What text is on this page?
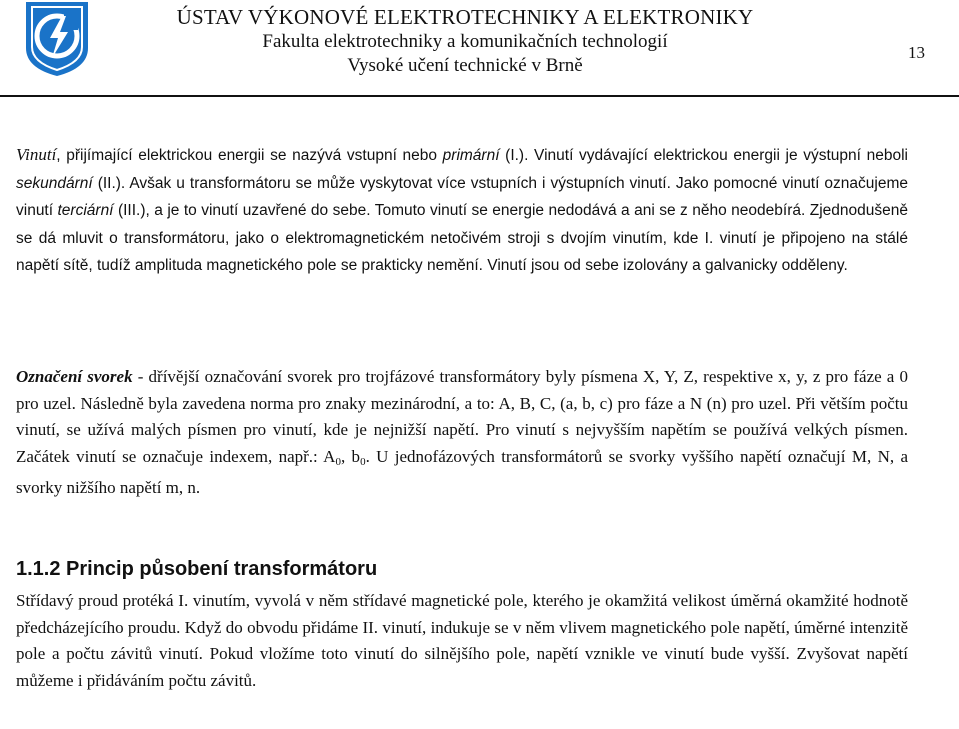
ÚSTAV VÝKONOVÉ ELEKTROTECHNIKY A ELEKTRONIKY
Fakulta elektrotechniky a komunikačních technologií
Vysoké učení technické v Brně
13
Vinutí, přijímající elektrickou energii se nazývá vstupní nebo primární (I.). Vinutí vydávající elektrickou energii je výstupní neboli sekundární (II.). Avšak u transformátoru se může vyskytovat více vstupních i výstupních vinutí. Jako pomocné vinutí označujeme vinutí terciární (III.), a je to vinutí uzavřené do sebe. Tomuto vinutí se energie nedodává a ani se z něho neodebírá. Zjednodušeně se dá mluvit o transformátoru, jako o elektromagnetickém netočivém stroji s dvojím vinutím, kde I. vinutí je připojeno na stálé napětí sítě, tudíž amplituda magnetického pole se prakticky nemění. Vinutí jsou od sebe izolovány a galvanicky odděleny.
Označení svorek - dřívější označování svorek pro trojfázové transformátory byly písmena X, Y, Z, respektive x, y, z pro fáze a 0 pro uzel. Následně byla zavedena norma pro znaky mezinárodní, a to: A, B, C, (a, b, c) pro fáze a N (n) pro uzel. Při větším počtu vinutí, se užívá malých písmen pro vinutí, kde je nejnižší napětí. Pro vinutí s nejvyšším napětím se používá velkých písmen. Začátek vinutí se označuje indexem, např.: $A_0$, $b_0$. U jednofázových transformátorů se svorky vyššího napětí označují M, N, a svorky nižšího napětí m, n.
1.1.2 Princip působení transformátoru
Střídavý proud protéká I. vinutím, vyvolá v něm střídavé magnetické pole, kterého je okamžitá velikost úměrná okamžité hodnotě předcházejícího proudu. Když do obvodu přidáme II. vinutí, indukuje se v něm vlivem magnetického pole napětí, úměrné intenzitě pole a počtu závitů vinutí. Pokud vložíme toto vinutí do silnějšího pole, napětí vznikle ve vinutí bude vyšší. Zvyšovat napětí můžeme i přidáváním počtu závitů.
